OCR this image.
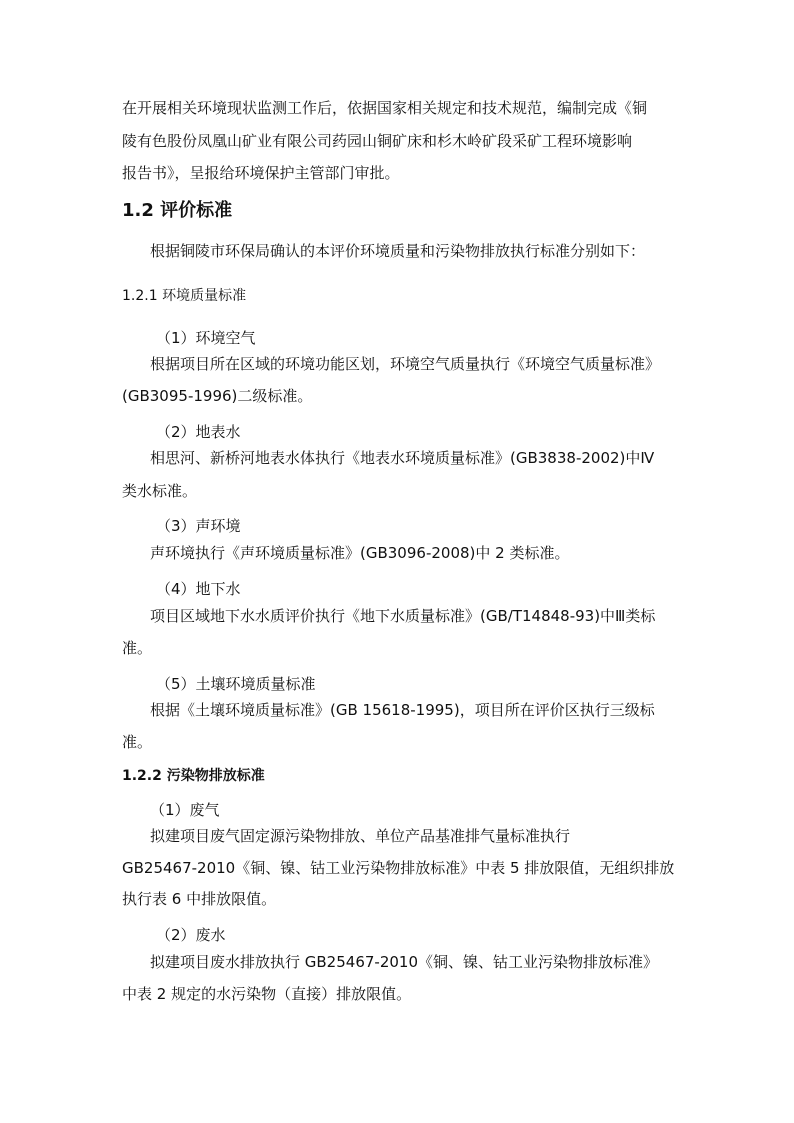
在开展相关环境现状监测工作后，依据国家相关规定和技术规范，编制完成《铜
陵有色股份凤凰山矿业有限公司药园山铜矿床和杉木岭矿段采矿工程环境影响
报告书》，呈报给环境保护主管部门审批。
1.2 评价标准
根据铜陵市环保局确认的本评价环境质量和污染物排放执行标准分别如下：
1.2.1 环境质量标准
（1）环境空气
根据项目所在区域的环境功能区划，环境空气质量执行《环境空气质量标准》
(GB3095-1996)二级标准。
（2）地表水
相思河、新桥河地表水体执行《地表水环境质量标准》(GB3838-2002)中Ⅳ
类水标准。
（3）声环境
声环境执行《声环境质量标准》(GB3096-2008)中 2 类标准。
（4）地下水
项目区域地下水水质评价执行《地下水质量标准》(GB/T14848-93)中Ⅲ类标
准。
（5）土壤环境质量标准
根据《土壤环境质量标准》(GB 15618-1995)，项目所在评价区执行三级标
准。
1.2.2 污染物排放标准
（1）废气
拟建项目废气固定源污染物排放、单位产品基准排气量标准执行
GB25467-2010《铜、镍、钴工业污染物排放标准》中表 5 排放限值，无组织排放
执行表 6 中排放限值。
（2）废水
拟建项目废水排放执行 GB25467-2010《铜、镍、钴工业污染物排放标准》
中表 2 规定的水污染物（直接）排放限值。
